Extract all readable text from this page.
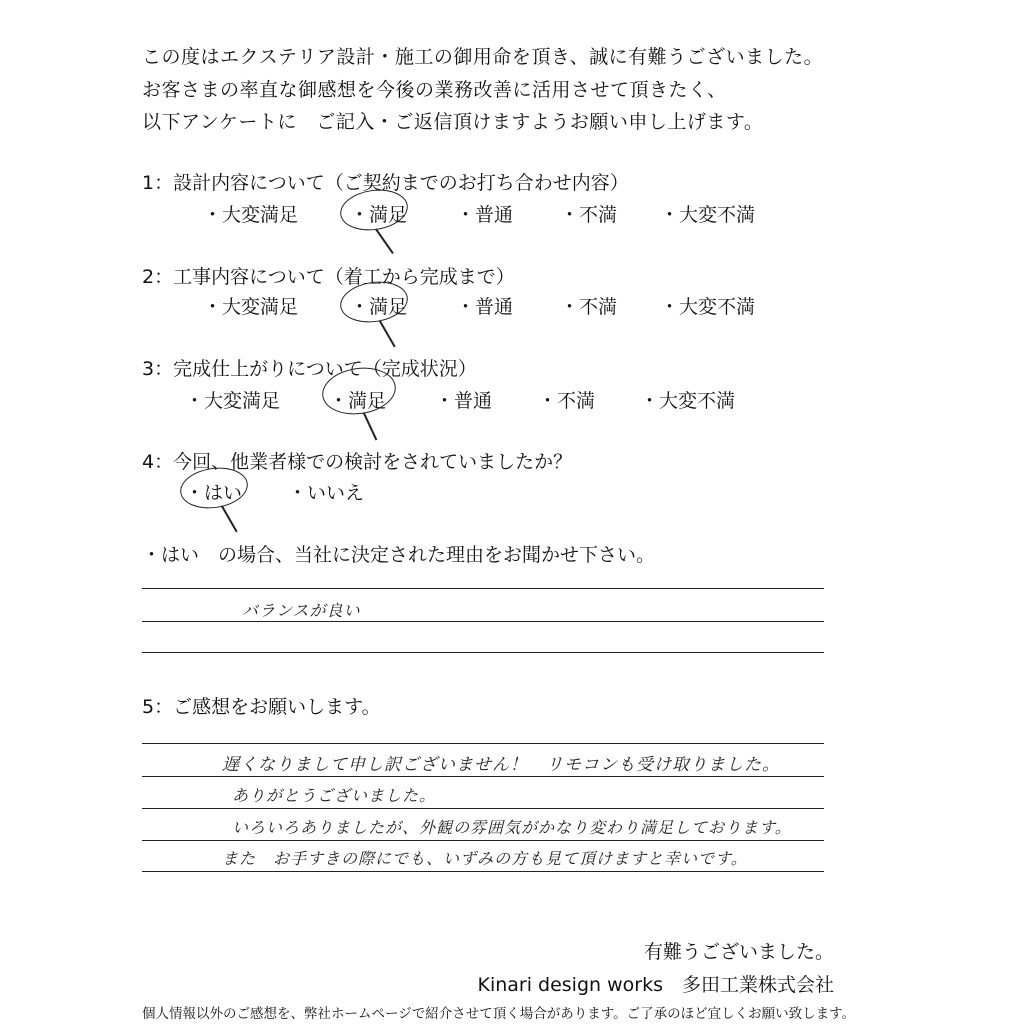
この度はエクステリア設計・施工の御用命を頂き、誠に有難うございました。
お客さまの率直な御感想を今後の業務改善に活用させて頂きたく、
以下アンケートに　ご記入・ご返信頂けますようお願い申し上げます。
1：設計内容について（ご契約までのお打ち合わせ内容）
・大変満足	・満足	・普通 ・不満 ・大変不満
2：工事内容について（着工から完成まで）
・大変満足	・満足	・普通 ・不満 ・大変不満
3：完成仕上がりについて（完成状況）
・大変満足	・満足	・普通 ・不満 ・大変不満
4：今回、他業者様での検討をされていましたか？
・はい ・いいえ
・はい　の場合、当社に決定された理由をお聞かせ下さい。
バランスが良い
5：ご感想をお願いします。
遅くなりまして申し訳ございません！　リモコンも受け取りました。
ありがとうございました。
いろいろありましたが、外観の雰囲気がかなり変わり満足しております。
また　お手すきの際にでも、いずみの方も見て頂けますと幸いです。
有難うございました。
Kinari design works　多田工業株式会社
個人情報以外のご感想を、弊社ホームページで紹介させて頂く場合があります。ご了承のほど宜しくお願い致します。
